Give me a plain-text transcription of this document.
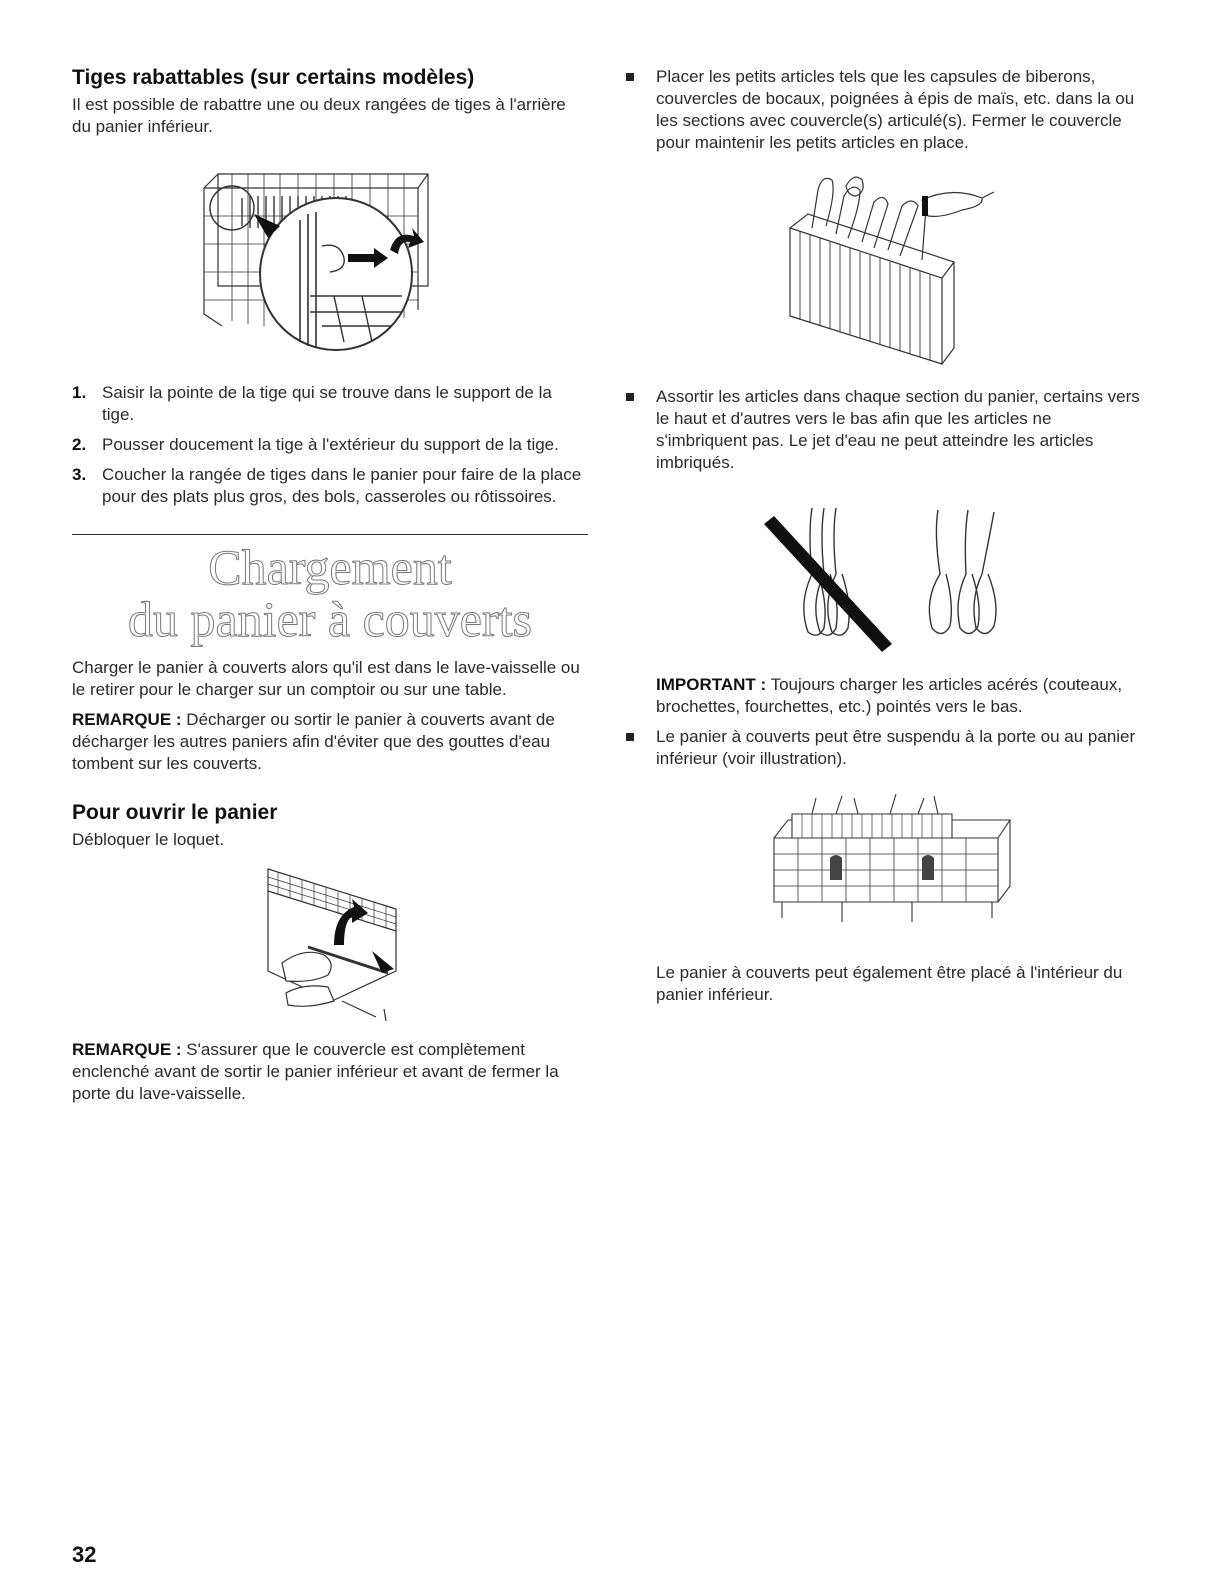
Tiges rabattables (sur certains modèles)

Il est possible de rabattre une ou deux rangées de tiges à l'arrière du panier inférieur.

1. Saisir la pointe de la tige qui se trouve dans le support de la tige.
2. Pousser doucement la tige à l'extérieur du support de la tige.
3. Coucher la rangée de tiges dans le panier pour faire de la place pour des plats plus gros, des bols, casseroles ou rôtissoires.
Chargement
du panier à couverts

Charger le panier à couverts alors qu'il est dans le lave-vaisselle ou le retirer pour le charger sur un comptoir ou sur une table.

REMARQUE : Décharger ou sortir le panier à couverts avant de décharger les autres paniers afin d'éviter que des gouttes d'eau tombent sur les couverts.

Pour ouvrir le panier

Débloquer le loquet.

REMARQUE : S'assurer que le couvercle est complètement enclenché avant de sortir le panier inférieur et avant de fermer la porte du lave-vaisselle.

Placer les petits articles tels que les capsules de biberons, couvercles de bocaux, poignées à épis de maïs, etc. dans la ou les sections avec couvercle(s) articulé(s). Fermer le couvercle pour maintenir les petits articles en place.
Assortir les articles dans chaque section du panier, certains vers le haut et d'autres vers le bas afin que les articles ne s'imbriquent pas. Le jet d'eau ne peut atteindre les articles imbriqués.

IMPORTANT : Toujours charger les articles acérés (couteaux, brochettes, fourchettes, etc.) pointés vers le bas.

Le panier à couverts peut être suspendu à la porte ou au panier inférieur (voir illustration).

Le panier à couverts peut également être placé à l'intérieur du panier inférieur.

32
